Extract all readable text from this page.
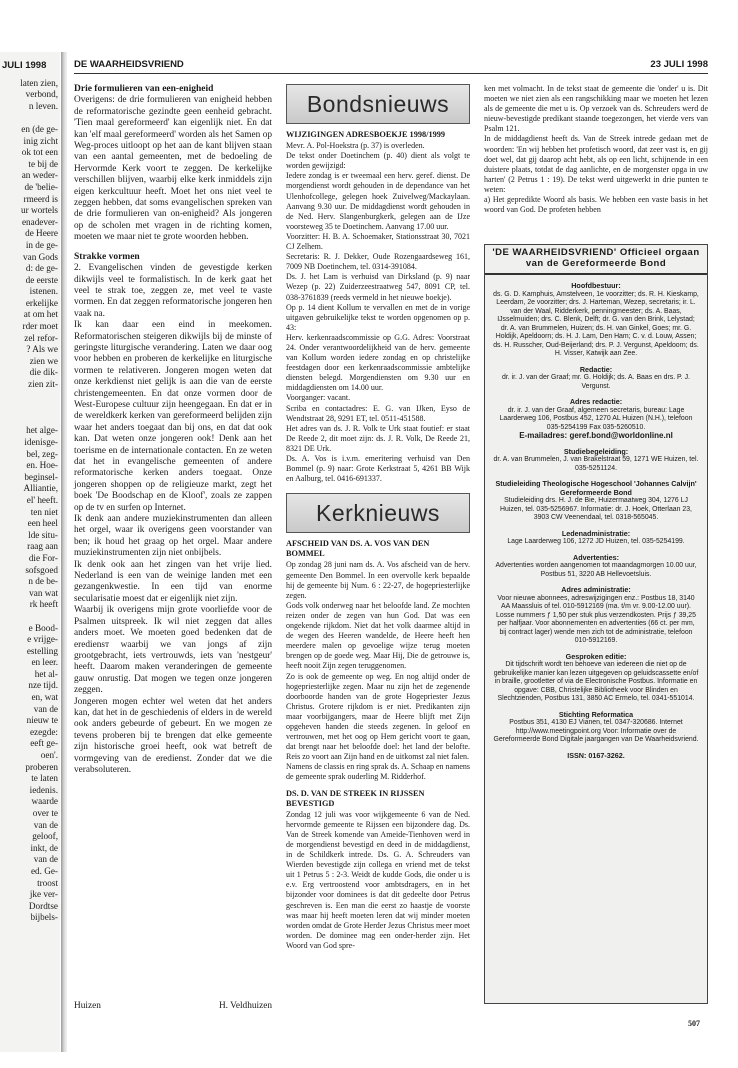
JULI 1998
laten zien,
verbond,
n leven.

en (de ge-
inig zicht
ok tot een
te bij de
an weder-
de 'belie-
rmeerd is
ur wortels
enadever-
de Heere
in de ge-
van Gods
d: de ge-
de eerste
istenen.
erkelijke
at om het
rder moet
zel refor-
? Als we
zien we
die dik-
zien zit-

het alge-
idenisge-
bel, zeg-
en. Hoe-
beginsel-
Alliantie,
el' heeft.
ten niet
een heel
lde situ-
raag aan
die For-
sofsgoed
n de be-
van wat
rk heeft

e Bood-
e vrijge-
estelling
en leer.
het al-
nze tijd.
en, wat
van de
nieuw te
ezegde:
eeft ge-
oen'.
proberen
te laten
iedenis.
waarde
over te
van de
geloof,
inkt, de
van de
ed. Ge-
troost
jke ver-
Dordtse
bijbels-
DE WAARHEIDSVRIEND	23 JULI 1998
Drie formulieren van een-enigheid

Overigens: de drie formulieren van enigheid hebben de reformatorische gezindte geen eenheid gebracht. 'Tien maal gereformeerd' kan eigenlijk niet. En dat kan 'elf maal gereformeerd' worden als het Samen op Weg-proces uitloopt op het aan de kant blijven staan van een aantal gemeenten, met de bedoeling de Hervormde Kerk voort te zeggen. De kerkelijke verschillen blijven, waarbij elke kerk inmiddels zijn eigen kerkcultuur heeft. Moet het ons niet veel te zeggen hebben, dat soms evangelischen spreken van de drie formulieren van on-enigheid? Als jongeren op de scholen met vragen in de richting komen, moeten we maar niet te grote woorden hebben.

Strakke vormen

2. Evangelischen vinden de gevestigde kerken dikwijls veel te formalistisch. In de kerk gaat het veel te strak toe, zeggen ze, met veel te vaste vormen. En dat zeggen reformatorische jongeren hen vaak na.

Ik kan daar een eind in meekomen. Reformatorischen steigeren dikwijls bij de minste of geringste liturgische verandering. Laten we daar oog voor hebben en proberen de kerkelijke en liturgische vormen te relativeren. Jongeren mogen weten dat onze kerkdienst niet gelijk is aan die van de eerste christengemeenten. En dat onze vormen door de West-Europese cultuur zijn heengegaan. En dat er in de wereldkerk kerken van gereformeerd belijden zijn waar het anders toegaat dan bij ons, en dat dat ook kan. Dat weten onze jongeren ook! Denk aan het toerisme en de internationale contacten. En ze weten dat het in evangelische gemeenten of andere reformatorische kerken anders toegaat. Onze jongeren shoppen op de religieuze markt, zegt het boek 'De Boodschap en de Kloof', zoals ze zappen op de tv en surfen op Internet.

Ik denk aan andere muziekinstrumenten dan alleen het orgel, waar ik overigens geen voorstander van ben; ik houd het graag op het orgel. Maar andere muziekinstrumenten zijn niet onbijbels.

Ik denk ook aan het zingen van het vrije lied. Nederland is een van de weinige landen met een gezangenkwestie. In een tijd van enorme secularisatie moest dat er eigenlijk niet zijn.

Waarbij ik overigens mijn grote voorliefde voor de Psalmen uitspreek. Ik wil niet zeggen dat alles anders moet. We moeten goed bedenken dat de erediensт waarbij we van jongs af zijn grootgebracht, iets vertrouwds, iets van 'nestgeur' heeft. Daarom maken veranderingen de gemeente gauw onrustig. Dat mogen we tegen onze jongeren zeggen.

Jongeren mogen echter wel weten dat het anders kan, dat het in de geschiedenis of elders in de wereld ook anders gebeurde of gebeurt. En we mogen ze tevens proberen bij te brengen dat elke gemeente zijn historische groei heeft, ook wat betreft de vormgeving van de eredienst. Zonder dat we die verabsoluteren.

Huizen	H. Veldhuizen
Bondsnieuws
WIJZIGINGEN ADRESBOEKJE 1998/1999

Mevr. A. Pol-Hoekstra (p. 37) is overleden.

De tekst onder Doetinchem (p. 40) dient als volgt te worden gewijzigd:

Iedere zondag is er tweemaal een herv. geref. dienst. De morgendienst wordt gehouden in de dependance van het Ulenhofcollege, gelegen hoek Zuivelweg/Mackaylaan. Aanvang 9.30 uur. De middagdienst wordt gehouden in de Ned. Herv. Slangenburgkerk, gelegen aan de IJze voorsteweg 35 te Doetinchem. Aanvang 17.00 uur.

Voorzitter: H. B. A. Schoemaker, Stationsstraat 30, 7021 CJ Zelhem.

Secretaris: R. J. Dekker, Oude Rozengaardseweg 161, 7009 NB Doetinchem, tel. 0314-391084.

Ds. J. het Lam is verhuisd van Dirksland (p. 9) naar Wezep (p. 22) Zuiderzeestraatweg 547, 8091 CP, tel. 038-3761839 (reeds vermeld in het nieuwe boekje).

Op p. 14 dient Kollum te vervallen en met de in vorige uitgaven gebruikelijke tekst te worden opgenomen op p. 43:

Herv. kerkenraadscommissie op G.G. Adres: Voorstraat 24. Onder verantwoordelijkheid van de herv. gemeente van Kollum worden iedere zondag en op christelijke feestdagen door een kerkenraadscommissie ambtelijke diensten belegd. Morgendiensten om 9.30 uur en middagdiensten om 14.00 uur.

Voorganger: vacant.

Scriba en contactadres: E. G. van IJken, Eyso de Wendtstraat 28, 9291 ET, tel. 0511-451588.

Het adres van ds. J. R. Volk te Urk staat foutief: er staat De Reede 2, dit moet zijn: ds. J. R. Volk, De Reede 21, 8321 DE Urk.

Ds. A. Vos is i.v.m. emeritering verhuisd van Den Bommel (p. 9) naar: Grote Kerkstraat 5, 4261 BB Wijk en Aalburg, tel. 0416-691337.

Kerknieuws
AFSCHEID VAN DS. A. VOS VAN DEN BOMMEL

Op zondag 28 juni nam ds. A. Vos afscheid van de herv. gemeente Den Bommel. In een overvolle kerk bepaalde hij de gemeente bij Num. 6 : 22-27, de hogepriesterlijke zegen.

Gods volk onderweg naar het beloofde land. Ze mochten reizen onder de zegen van hun God. Dat was een ongekende rijkdom. Niet dat het volk daarmee altijd in de wegen des Heeren wandelde, de Heere heeft hen meerdere malen op gevoelige wijze terug moeten brengen op de goede weg. Maar Hij, Die de getrouwe is, heeft nooit Zijn zegen teruggenomen.

Zo is ook de gemeente op weg. En nog altijd onder de hogepriesterlijke zegen. Maar nu zijn het de zegenende doorboorde handen van de grote Hogepriester Jezus Christus. Grotere rijkdom is er niet. Predikanten zijn maar voorbijgangers, maar de Heere blijft met Zijn opgeheven handen die steeds zegenen. In geloof en vertrouwen, met het oog op Hem gericht voort te gaan, dat brengt naar het beloofde doel: het land der belofte. Reis zo voort aan Zijn hand en de uitkomst zal niet falen.

Namens de classis en ring sprak ds. A. Schaap en namens de gemeente sprak ouderling M. Ridderhof.

DS. D. VAN DE STREEK IN RIJSSEN BEVESTIGD

Zondag 12 juli was voor wijkgemeente 6 van de Ned. hervormde gemeente te Rijssen een bijzondere dag. Ds. Van de Streek komende van Ameide-Tienhoven werd in de morgendienst bevestigd en deed in de middagdienst, in de Schildkerk intrede. Ds. G. A. Schreuders van Wierden bevestigde zijn collega en vriend met de tekst uit 1 Petrus 5 : 2-3. Weidt de kudde Gods, die onder u is e.v. Erg vertroostend voor ambtsdragers, en in het bijzonder voor dominees is dat dit gedeelte door Petrus geschreven is. Een man die eerst zo haastje de voorste was maar hij heeft moeten leren dat wij minder moeten worden omdat de Grote Herder Jezus Christus meer moet worden. De dominee mag een onder-herder zijn. Het Woord van God spre-

ken met volmacht. In de tekst staat de gemeente die 'onder' u is. Dit moeten we niet zien als een rangschikking maar we moeten het lezen als de gemeente die met u is. Op verzoek van ds. Schreuders werd de nieuw-bevestigde predikant staande toegezongen, het vierde vers van Psalm 121.

In de middagdienst heeft ds. Van de Streek intrede gedaan met de woorden: 'En wij hebben het profetisch woord, dat zeer vast is, en gij doet wel, dat gij daarop acht hebt, als op een licht, schijnende in een duistere plaats, totdat de dag aanlichte, en de morgenster opga in uw harten' (2 Petrus 1 : 19). De tekst werd uitgewerkt in drie punten te weten:

a) Het gepredikte Woord als basis. We hebben een vaste basis in het woord van God. De profeten hebben

'DE WAARHEIDSVRIEND' Officieel orgaan van de Gereformeerde Bond
Hoofdbestuur:
ds. G. D. Kamphuis, Amstelveen, 1e voorzitter; ds. R. H. Kieskamp, Leerdam, 2e voorzitter; drs. J. Harteman, Wezep, secretaris; ir. L. van der Waal, Ridderkerk, penningmeester; ds. A. Baas, IJsselmuiden; drs. C. Blenk, Delft; dr. G. van den Brink, Lelystad; dr. A. van Brummelen, Huizen; ds. H. van Ginkel, Goes; mr. G. Holdijk, Apeldoorn; ds. H. J. Lam, Den Ham; C. v. d. Louw, Assen; ds. H. Russcher, Oud-Beijerland; drs. P. J. Vergunst, Apeldoorn; ds. H. Visser, Katwijk aan Zee.
Redactie:
dr. ir. J. van der Graaf; mr. G. Holdijk; ds. A. Baas en drs. P. J. Vergunst.
Adres redactie:
dr. ir. J. van der Graaf, algemeen secretaris, bureau: Lage Laarderweg 106, Postbus 452, 1270 AL Huizen (N.H.), telefoon 035-5254199 Fax 035-5260510.
E-mailadres: geref.bond@worldonline.nl
Studiebegeleiding:
dr. A. van Brummelen, J. van Brakelstraat 59, 1271 WE Huizen, tel. 035-5251124.
Studieleiding Theologische Hogeschool 'Johannes Calvijn' Gereformeerde Bond
Studieleiding drs. H. J. de Bie, Huizermaatweg 304, 1276 LJ Huizen, tel. 035-5256967. Informatie: dr. J. Hoek, Otterlaan 23, 3903 CW Veenendaal, tel. 0318-565045.
Ledenadministratie:
Lage Laarderweg 106, 1272 JD Huizen, tel. 035-5254199.
Advertenties:
Advertenties worden aangenomen tot maandagmorgen 10.00 uur, Postbus 51, 3220 AB Hellevoetsluis.
Adres administratie:
Voor nieuwe abonnees, adreswijzigingen enz.: Postbus 18, 3140 AA Maassluis of tel. 010-5912169 (ma. t/m vr. 9.00-12.00 uur). Losse nummers ƒ 1,50 per stuk plus verzendkosten. Prijs ƒ 39,25 per halfjaar. Voor abonnementen en advertenties (66 ct. per mm, bij contract lager) wende men zich tot de administratie, telefoon 010-5912169.
Gesproken editie:
Dit tijdschrift wordt ten behoeve van iedereen die niet op de gebruikelijke manier kan lezen uitgegeven op geluidscassette en/of in braille, grootletter of via de Electronische Postbus. Informatie en opgave: CBB, Christelijke Bibliotheek voor Blinden en Slechtzienden, Postbus 131, 3850 AC Ermelo, tel. 0341-551014.
Stichting Reformatica
Postbus 351, 4130 EJ Vianen, tel. 0347-320686. Internet http://www.meetingpoint.org Voor: Informatie over de Gereformeerde Bond Digitale jaargangen van De Waarheidsvriend.
ISSN: 0167-3262.
507
